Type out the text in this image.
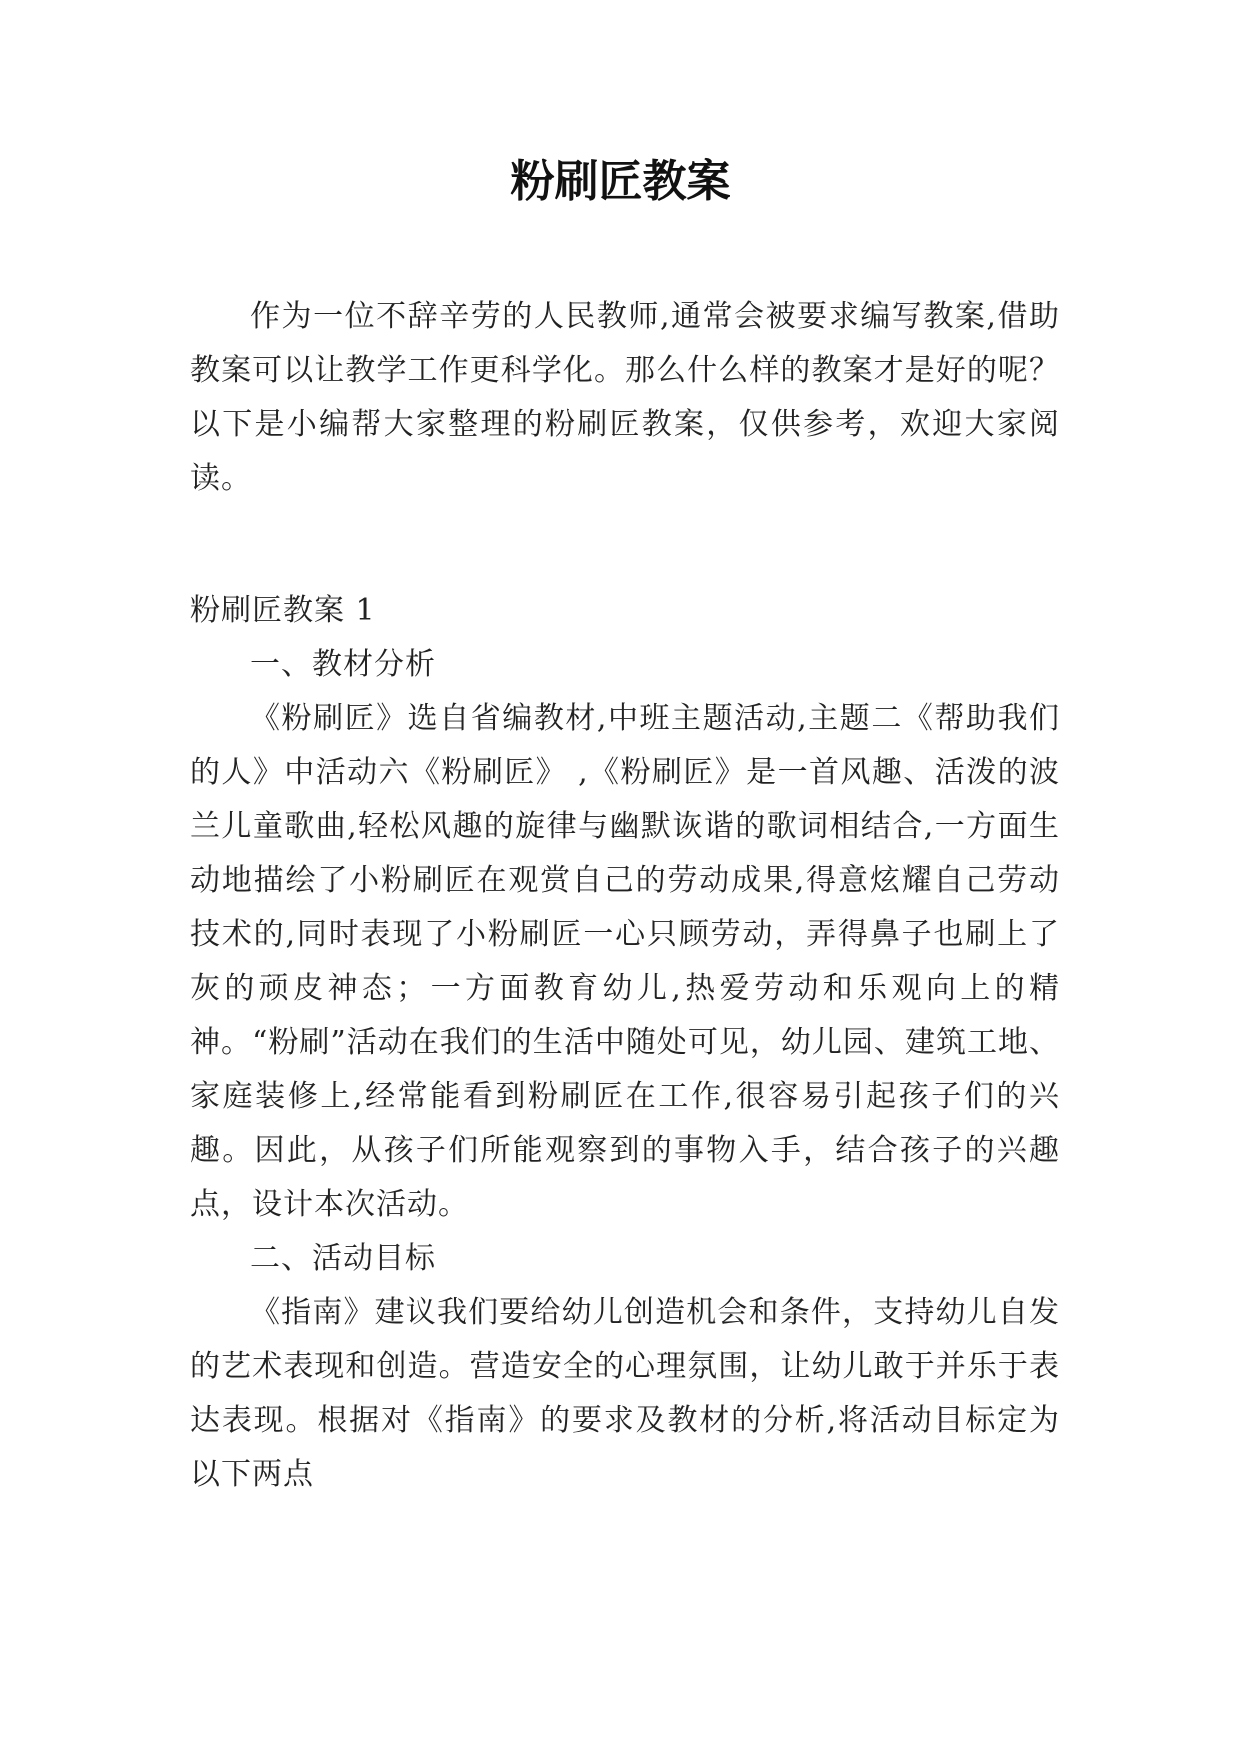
粉刷匠教案

作为一位不辞辛劳的人民教师,通常会被要求编写教案,借助教案可以让教学工作更科学化。那么什么样的教案才是好的呢？以下是小编帮大家整理的粉刷匠教案，仅供参考，欢迎大家阅读。

粉刷匠教案 1

一、教材分析

《粉刷匠》选自省编教材,中班主题活动,主题二《帮助我们的人》中活动六《粉刷匠》 ,《粉刷匠》是一首风趣、活泼的波兰儿童歌曲,轻松风趣的旋律与幽默诙谐的歌词相结合,一方面生动地描绘了小粉刷匠在观赏自己的劳动成果,得意炫耀自己劳动技术的,同时表现了小粉刷匠一心只顾劳动，弄得鼻子也刷上了灰的顽皮神态；一方面教育幼儿,热爱劳动和乐观向上的精神。“粉刷”活动在我们的生活中随处可见，幼儿园、建筑工地、家庭装修上,经常能看到粉刷匠在工作,很容易引起孩子们的兴趣。因此，从孩子们所能观察到的事物入手，结合孩子的兴趣点，设计本次活动。

二、活动目标

《指南》建议我们要给幼儿创造机会和条件，支持幼儿自发的艺术表现和创造。营造安全的心理氛围，让幼儿敢于并乐于表达表现。根据对《指南》的要求及教材的分析,将活动目标定为以下两点
